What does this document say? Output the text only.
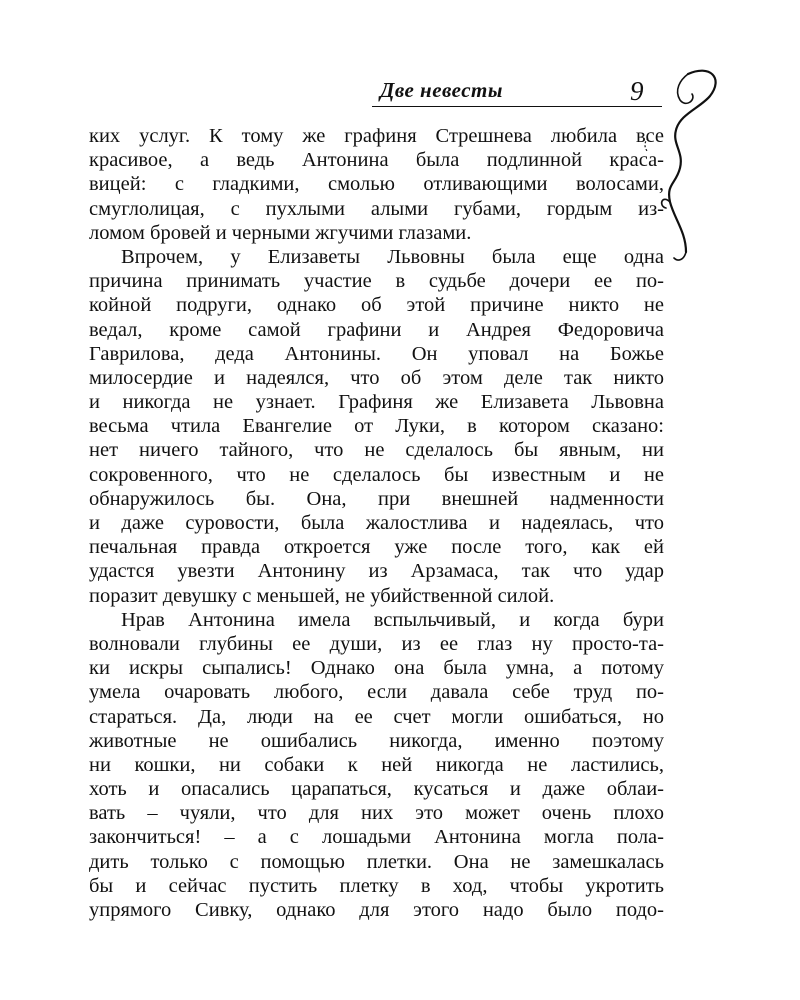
Две невесты	9
ких услуг. К тому же графиня Стрешнева любила все
красивое, а ведь Антонина была подлинной краса-
вицей: с гладкими, смолью отливающими волосами,
смуглолицая, с пухлыми алыми губами, гордым из-
ломом бровей и черными жгучими глазами.
Впрочем, у Елизаветы Львовны была еще одна
причина принимать участие в судьбе дочери ее по-
койной подруги, однако об этой причине никто не
ведал, кроме самой графини и Андрея Федоровича
Гаврилова, деда Антонины. Он уповал на Божье
милосердие и надеялся, что об этом деле так никто
и никогда не узнает. Графиня же Елизавета Львовна
весьма чтила Евангелие от Луки, в котором сказано:
нет ничего тайного, что не сделалось бы явным, ни
сокровенного, что не сделалось бы известным и не
обнаружилось бы. Она, при внешней надменности
и даже суровости, была жалостлива и надеялась, что
печальная правда откроется уже после того, как ей
удастся увезти Антонину из Арзамаса, так что удар
поразит девушку с меньшей, не убийственной силой.
Нрав Антонина имела вспыльчивый, и когда бури
волновали глубины ее души, из ее глаз ну просто-та-
ки искры сыпались! Однако она была умна, а потому
умела очаровать любого, если давала себе труд по-
стараться. Да, люди на ее счет могли ошибаться, но
животные не ошибались никогда, именно поэтому
ни кошки, ни собаки к ней никогда не ластились,
хоть и опасались царапаться, кусаться и даже облаи-
вать – чуяли, что для них это может очень плохо
закончиться! – а с лошадьми Антонина могла пола-
дить только с помощью плетки. Она не замешкалась
бы и сейчас пустить плетку в ход, чтобы укротить
упрямого Сивку, однако для этого надо было подо-
